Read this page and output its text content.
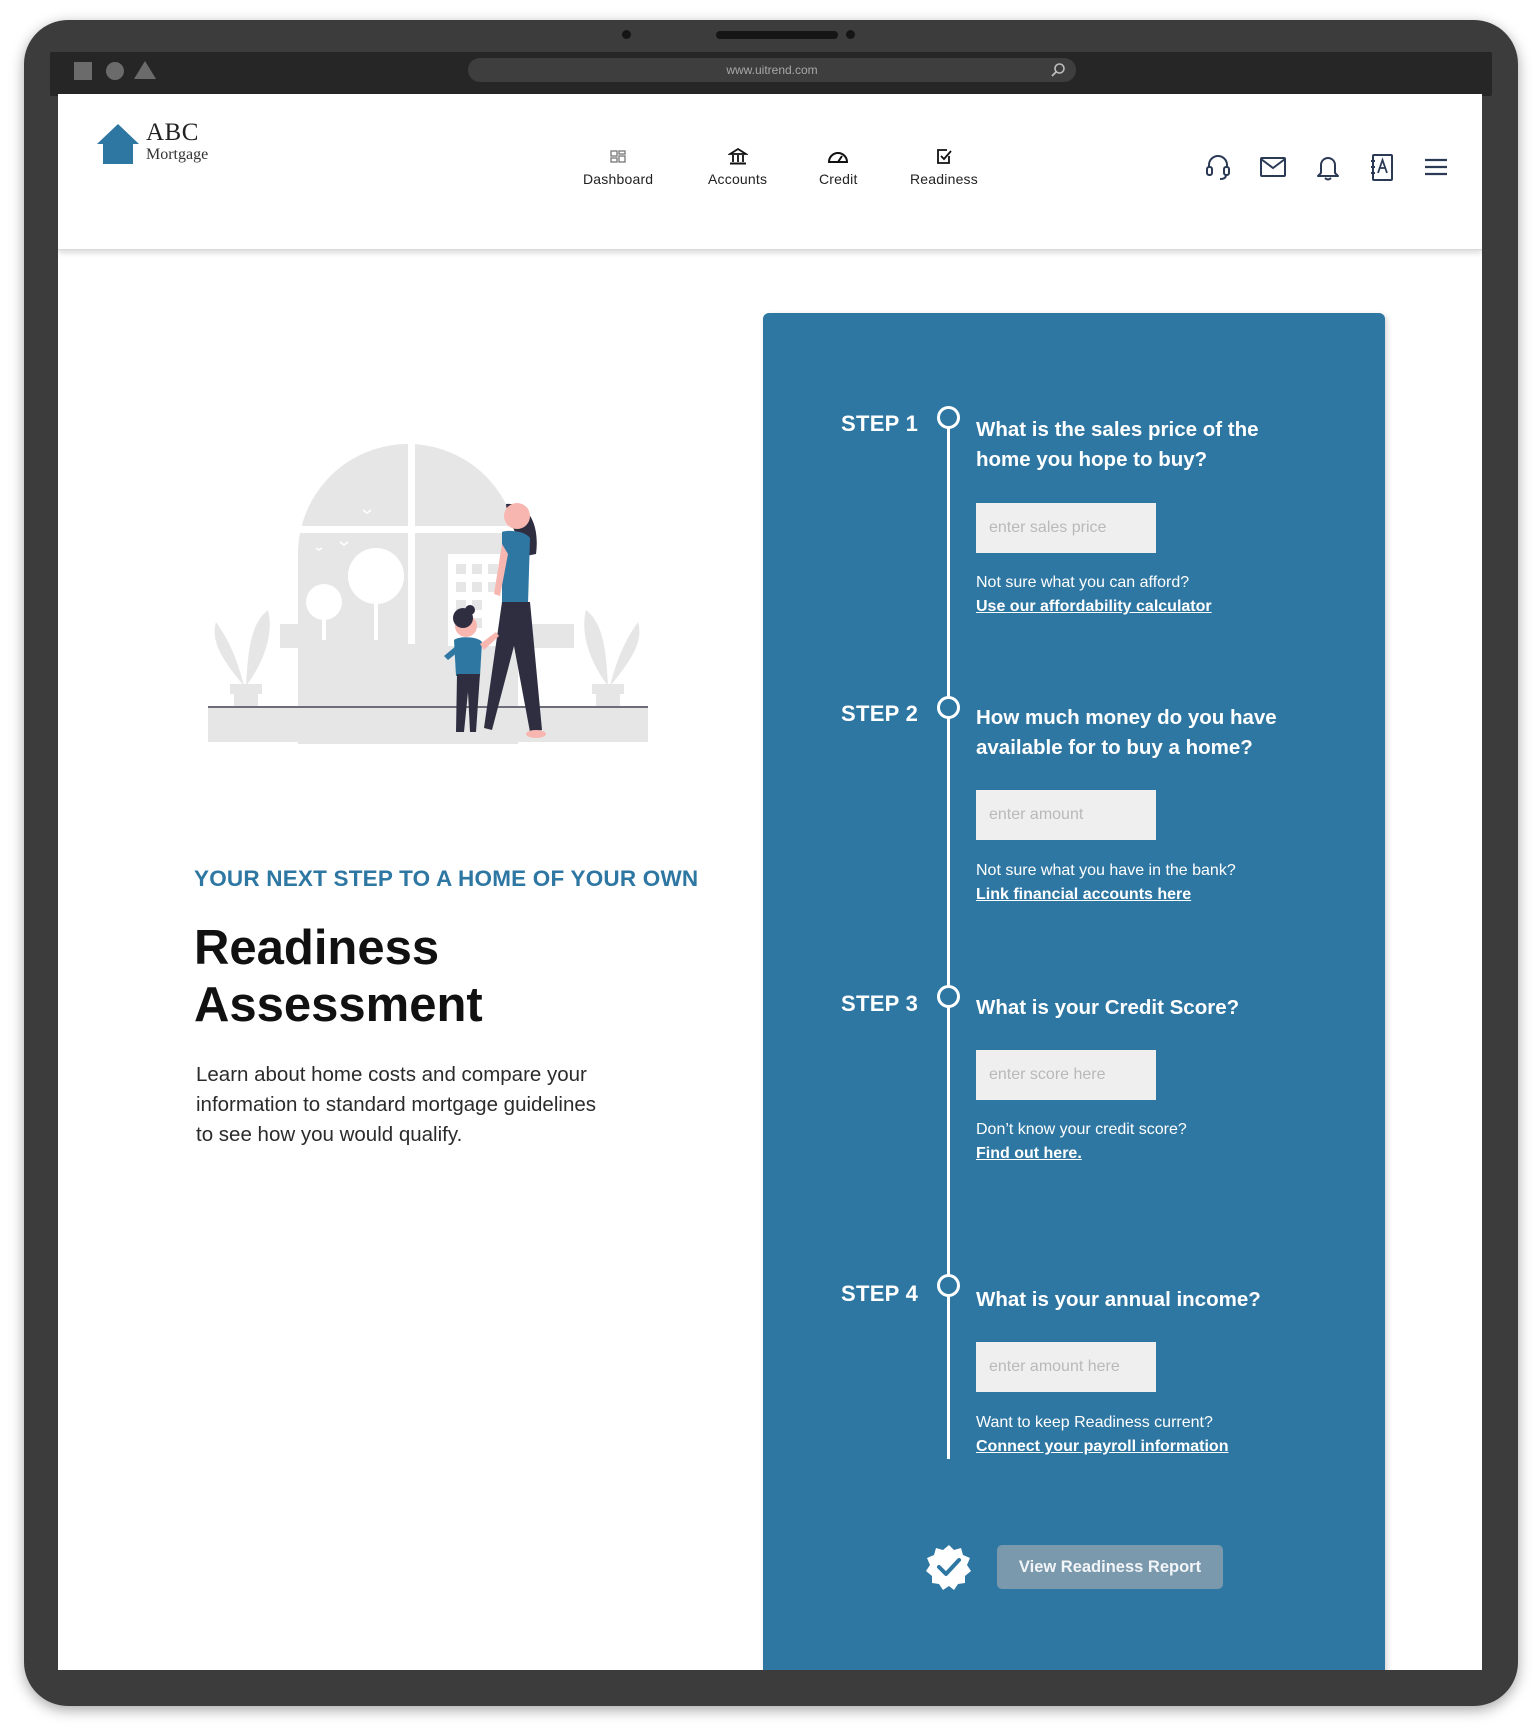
www.uitrend.com
ABC
Mortgage
Dashboard	Accounts	Credit	Readiness
YOUR NEXT STEP TO A HOME OF YOUR OWN
Readiness
Assessment
Learn about home costs and compare your
information to standard mortgage guidelines
to see how you would qualify.
STEP 1	What is the sales price of the home you hope to buy?
enter sales price
Not sure what you can afford?
Use our affordability calculator
STEP 2	How much money do you have available for to buy a home?
enter amount
Not sure what you have in the bank?
Link financial accounts here
STEP 3	What is your Credit Score?
enter score here
Don’t know your credit score?
Find out here.
STEP 4	What is your annual income?
enter amount here
Want to keep Readiness current?
Connect your payroll information
View Readiness Report
